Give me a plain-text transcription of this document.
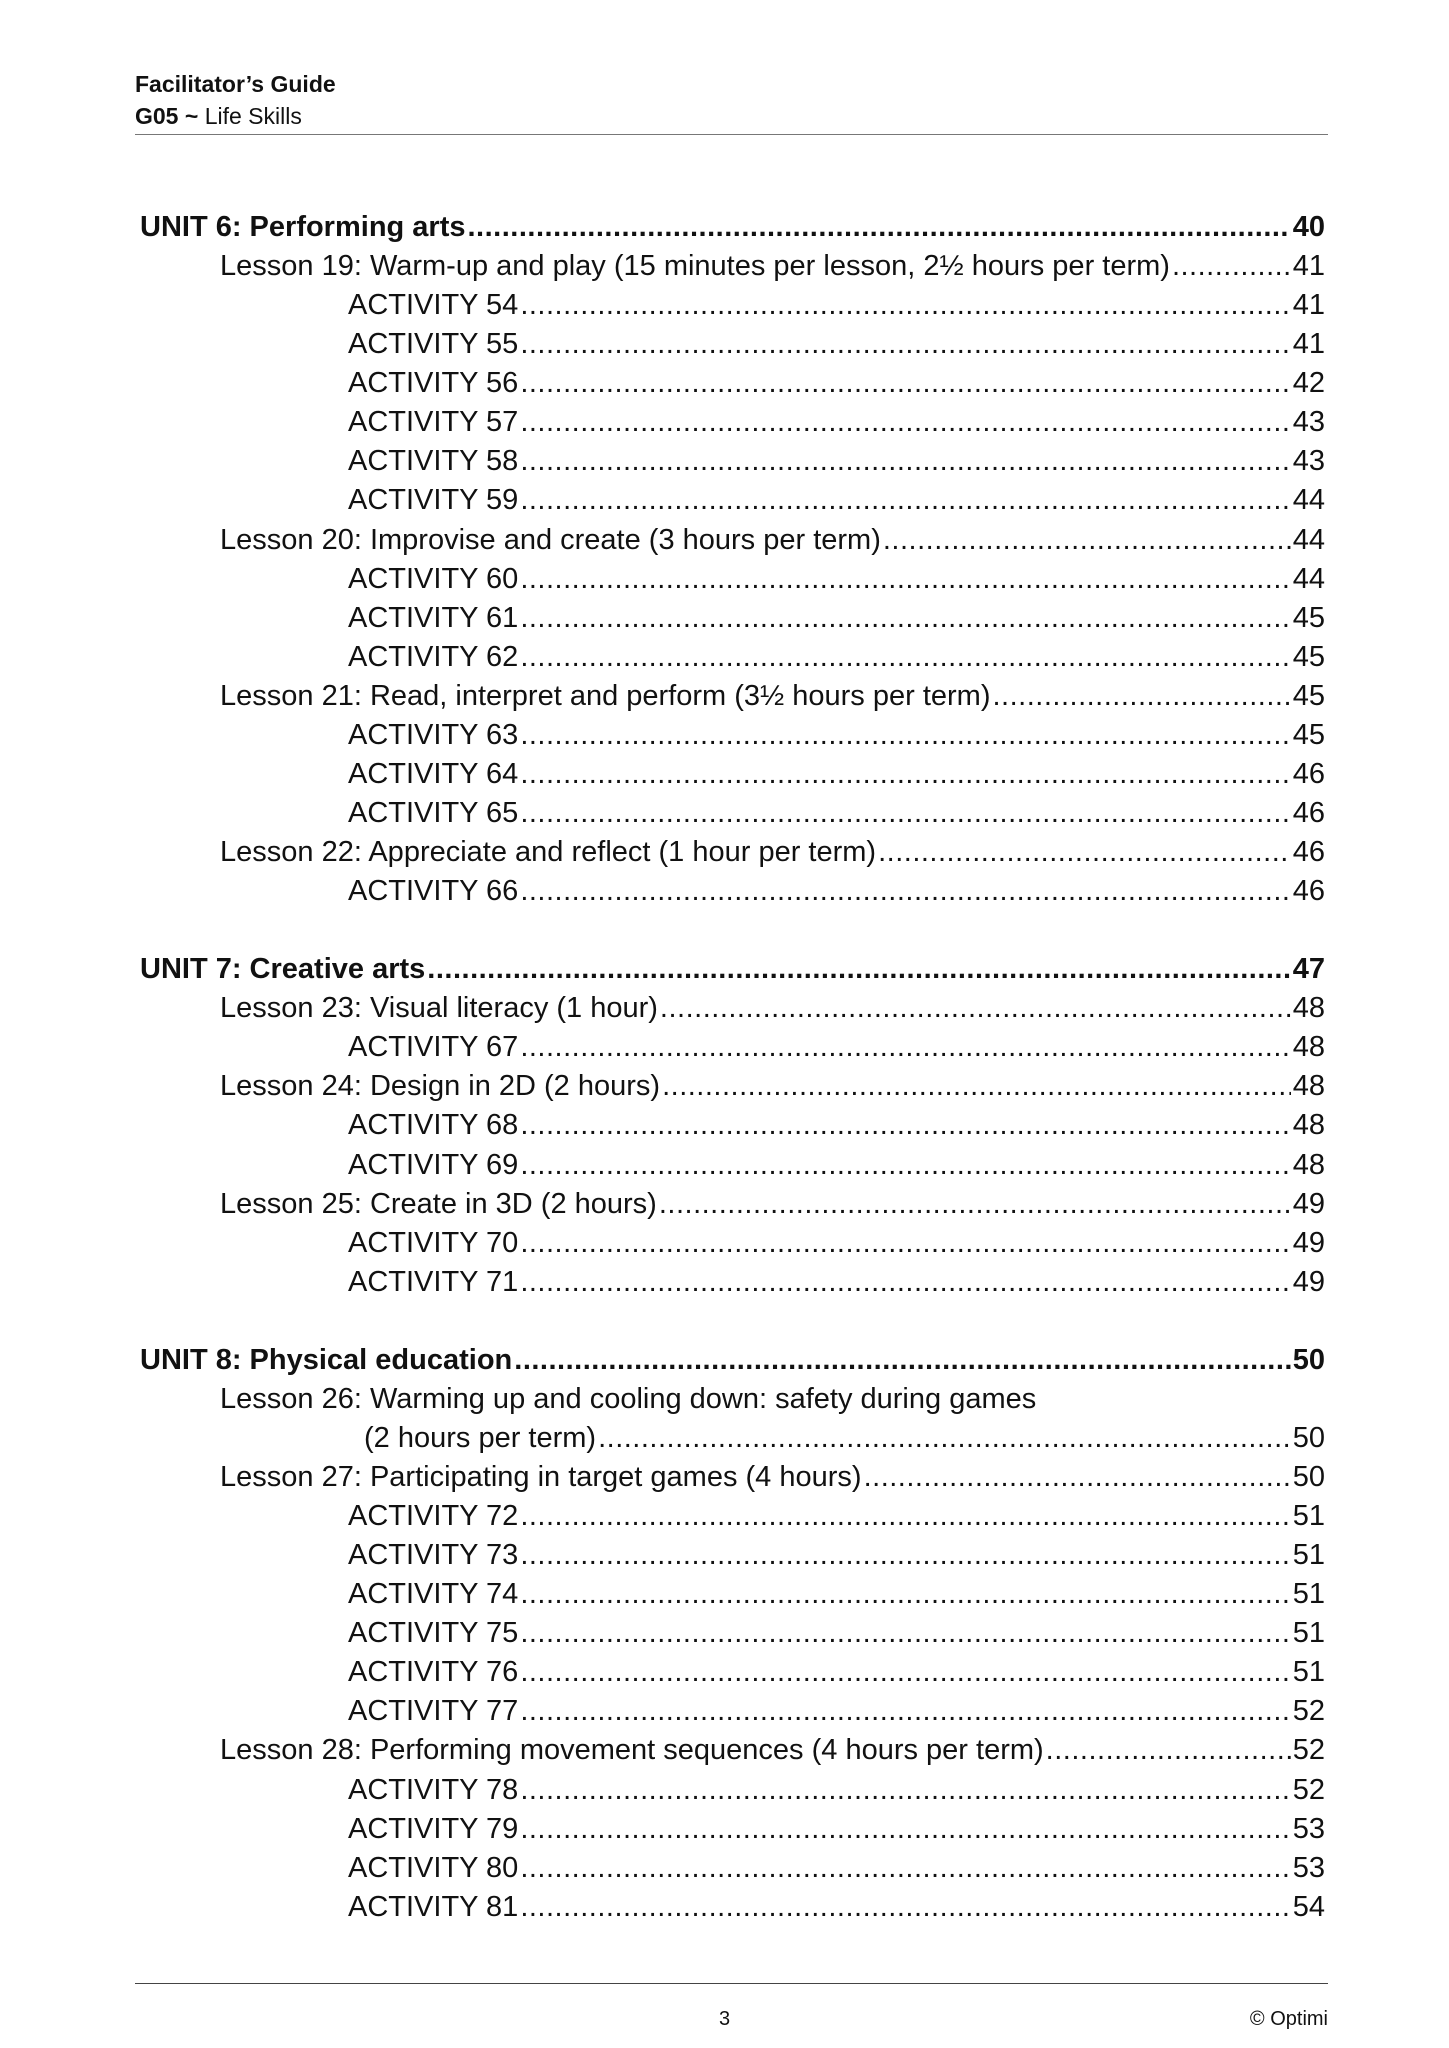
Facilitator’s Guide
G05 ~ Life Skills
UNIT 6: Performing arts .....	40
Lesson 19: Warm-up and play (15 minutes per lesson, 2½ hours per term) .....	41
ACTIVITY 54 .....	41
ACTIVITY 55 .....	41
ACTIVITY 56 .....	42
ACTIVITY 57 .....	43
ACTIVITY 58 .....	43
ACTIVITY 59 .....	44
Lesson 20: Improvise and create (3 hours per term) .....	44
ACTIVITY 60 .....	44
ACTIVITY 61 .....	45
ACTIVITY 62 .....	45
Lesson 21: Read, interpret and perform (3½ hours per term) .....	45
ACTIVITY 63 .....	45
ACTIVITY 64 .....	46
ACTIVITY 65 .....	46
Lesson 22: Appreciate and reflect (1 hour per term) .....	46
ACTIVITY 66 .....	46
UNIT 7: Creative arts .....	47
Lesson 23: Visual literacy (1 hour) .....	48
ACTIVITY 67 .....	48
Lesson 24: Design in 2D (2 hours) .....	48
ACTIVITY 68 .....	48
ACTIVITY 69 .....	48
Lesson 25: Create in 3D (2 hours) .....	49
ACTIVITY 70 .....	49
ACTIVITY 71 .....	49
UNIT 8: Physical education .....	50
Lesson 26: Warming up and cooling down: safety during games
(2 hours per term) .....	50
Lesson 27: Participating in target games (4 hours) .....	50
ACTIVITY 72 .....	51
ACTIVITY 73 .....	51
ACTIVITY 74 .....	51
ACTIVITY 75 .....	51
ACTIVITY 76 .....	51
ACTIVITY 77 .....	52
Lesson 28: Performing movement sequences (4 hours per term) .....	52
ACTIVITY 78 .....	52
ACTIVITY 79 .....	53
ACTIVITY 80 .....	53
ACTIVITY 81 .....	54
3	© Optimi
